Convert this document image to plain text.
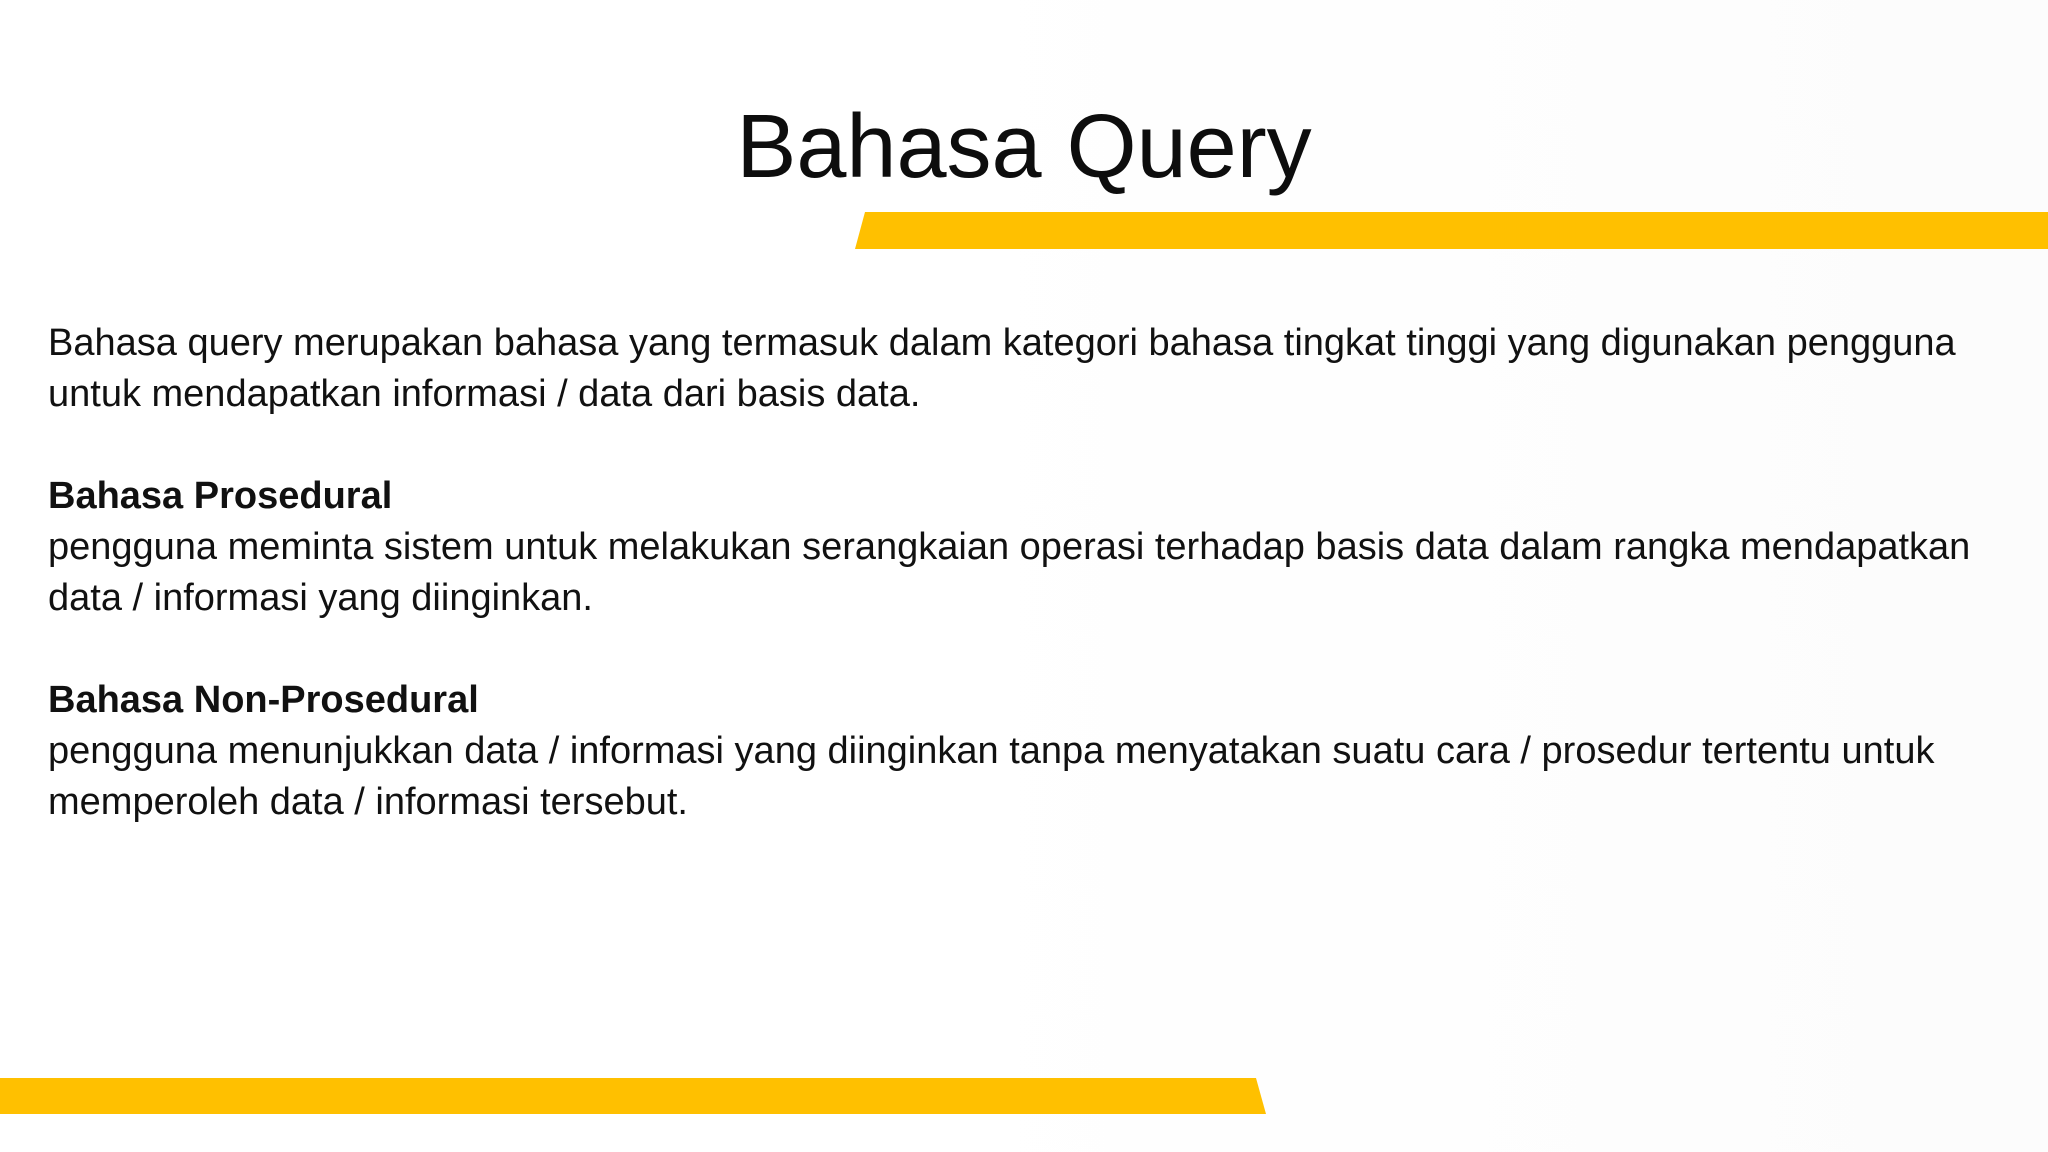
Bahasa Query

Bahasa query merupakan bahasa yang termasuk dalam kategori bahasa tingkat tinggi yang digunakan pengguna untuk mendapatkan informasi / data dari basis data.

Bahasa Prosedural

pengguna meminta sistem untuk melakukan serangkaian operasi terhadap basis data dalam rangka mendapatkan data / informasi yang diinginkan.

Bahasa Non-Prosedural

pengguna menunjukkan data / informasi yang diinginkan tanpa menyatakan suatu cara / prosedur tertentu untuk memperoleh data / informasi tersebut.
